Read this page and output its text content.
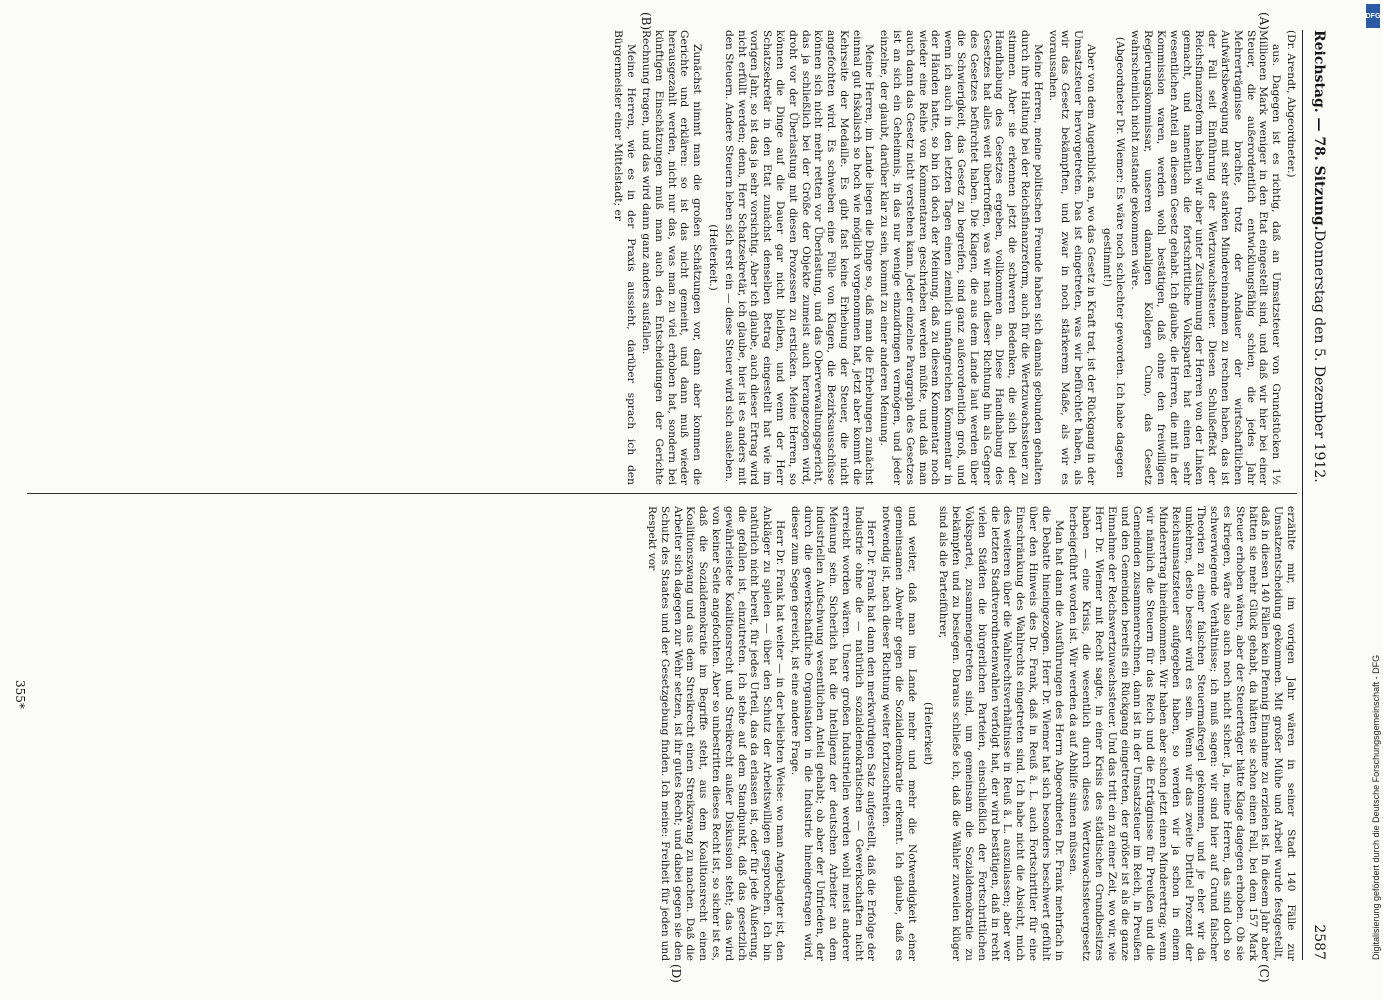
Reichstag. — 78. Sitzung.
Donnerstag den 5. Dezember 1912.
2587
(A)
(B)
(C)
(D)
(Dr. Arendt, Abgeordneter.)

aus. Dagegen ist es richtig, daß an Umsatzsteuer von Grundstücken 1½ Millionen Mark weniger in den Etat eingestellt sind, und daß wir hier bei einer Steuer, die außerordentlich entwicklungsfähig schien, die jedes Jahr Mehrerträgnisse brachte, trotz der Andauer der wirtschaftlichen Aufwärtsbewegung mit sehr starken Mindereinnahmen zu rechnen haben, das ist der Fall seit Einführung der Wertzuwachssteuer. Diesen Schlußeffekt der Reichsfinanzreform haben wir aber unter Zustimmung der Herren von der Linken gemacht, und namentlich die fortschrittliche Volkspartei hat einen sehr wesentlichen Anteil an diesem Gesetz gehabt. Ich glaube, die Herren, die mit in der Kommission waren, werden wohl bestätigen, daß ohne den freiwilligen Regierungskommissar, unseren damaligen Kollegen Cuno, das Gesetz wahrscheinlich nicht zustande gekommen wäre.

(Abgeordneter Dr. Wiemer: Es wäre noch schlechter geworden. Ich habe dagegen gestimmt!)

Aber von dem Augenblick an, wo das Gesetz in Kraft trat, ist der Rückgang in der Umsatzsteuer hervorgetreten. Das ist eingetreten, was wir befürchtet haben, als wir das Gesetz bekämpften, und zwar in noch stärkerem Maße, als wir es voraussahen.

Meine Herren, meine politischen Freunde haben sich damals gebunden gehalten durch ihre Haltung bei der Reichsfinanzreform, auch für die Wertzuwachssteuer zu stimmen. Aber sie erkennen jetzt die schweren Bedenken, die sich bei der Handhabung des Gesetzes ergeben, vollkommen an. Diese Handhabung des Gesetzes hat alles weit übertroffen, was wir nach dieser Richtung hin als Gegner des Gesetzes befürchtet haben. Die Klagen, die aus dem Lande laut werden über die Schwierigkeit, das Gesetz zu begreifen, sind ganz außerordentlich groß, und wenn ich auch in den letzten Tagen einen ziemlich umfangreichen Kommentar in der Händen hatte, so bin ich doch der Meinung, daß zu diesem Kommentar noch wieder eine Reihe von Kommentaren geschrieben werden müßte, und daß man auch dann das Gesetz nicht verstehen kann. Jeder einzelne Paragraph des Gesetzes ist an sich ein Geheimnis, in das nur wenige einzudringen vermögen, und jeder einzelne, der glaubt, darüber klar zu sein, kommt zu einer anderen Meinung.

Meine Herren, im Lande liegen die Dinge so, daß man die Erhebungen zunächst einmal gut fiskalisch so hoch wie möglich vorgenommen hat, jetzt aber kommt die Kehrseite der Medaille. Es gibt fast keine Erhebung der Steuer, die nicht angefochten wird. Es schweben eine Fülle von Klagen, die Bezirksausschüsse können sich nicht mehr retten vor Überlastung, und das Oberverwaltungsgericht, das ja schließlich bei der Größe der Objekte zumeist auch herangezogen wird, droht vor der Überlastung mit diesen Prozessen zu ersticken. Meine Herren, so können die Dinge auf die Dauer gar nicht bleiben, und wenn der Herr Schatzsekretär in den Etat zunächst denselben Betrag eingestellt hat wie im vorigen Jahr, so ist das ja sehr vorsichtig. Aber ich glaube, auch dieser Ertrag wird nicht erfüllt werden; denn, Herr Schatzsekretär, ich glaube, hier ist es anders mit den Steuern. Andere Steuern leben sich erst ein — diese Steuer wird sich ausleben.

(Heiterkeit.)

Zunächst nimmt man die großen Schätzungen vor, dann aber kommen die Gerichte und erklären: so ist das nicht gemeint, und dann muß wieder herausgezahlt werden, nicht nur das, was man zu viel erhoben hat, sondern bei künftigen Einschätzungen muß man auch den Entscheidungen der Gerichte Rechnung tragen, und das wird dann ganz anders ausfallen.

Meine Herren, wie es in der Praxis aussieht, darüber sprach ich den Bürgermeister einer Mittelstadt; er

erzählte mir, im vorigen Jahr wären in seiner Stadt 140 Fälle zur Umsatzentscheidung gekommen. Mit großer Mühe und Arbeit wurde festgestellt, daß in diesen 140 Fällen kein Pfennig Einnahme zu erzielen ist. In diesem Jahr aber hätten sie mehr Glück gehabt, da hätten sie schon einen Fall, bei dem 157 Mark Steuer erhoben wären, aber der Steuerträger hätte Klage dagegen erhoben. Ob sie es kriegen, wäre also auch noch nicht sicher. Ja, meine Herren, das sind doch so schwerwiegende Verhältnisse; ich muß sagen: wir sind hier auf Grund falscher Theorien zu einer falschen Steuermaßregel gekommen, und je eher wir da umkehren, desto besser wird es sein. Wenn wir das zweite Drittel Prozent der Reichsumsatzsteuer aufgegeben haben, so werden wir ja schon in einem Minderertrag hineinkommen. Wir haben aber schon jetzt einen Minderertrag; wenn wir nämlich die Steuern für das Reich und die Erträgnisse für Preußen und die Gemeinden zusammenrechnen, dann ist in der Umsatzsteuer im Reich, in Preußen und den Gemeinden bereits ein Rückgang eingetreten, der größer ist als die ganze Einnahme der Reichswertzuwachssteuer. Und das tritt ein zu einer Zeit, wo wir, wie Herr Dr. Wiemer mit Recht sagte, in einer Krisis des städtischen Grundbesitzes haben — eine Krisis, die wesentlich durch dieses Wertzuwachssteuergesetz herbeigeführt worden ist. Wir werden da auf Abhilfe sinnen müssen.

Man hat dann die Ausführungen des Herrn Abgeordneten Dr. Frank mehrfach in die Debatte hineingezogen. Herr Dr. Wiemer hat sich besonders beschwert gefühlt über den Hinweis des Dr. Frank, daß in Reuß ä. L. auch Fortschrittler für eine Einschränkung des Wahlrechts eingetreten sind. Ich habe nicht die Absicht, mich des weiteren über die Wahlrechtsverhältnisse in Reuß ä. L. auszulassen; aber wer die letzten Stadtverordnetenwahlen verfolgt hat, der wird bestätigen, daß in recht vielen Städten die bürgerlichen Parteien, einschließlich der Fortschrittlichen Volkspartei, zusammengetreten sind, um gemeinsam die Sozialdemokratie zu bekämpfen und zu besiegen. Daraus schließe ich, daß die Wähler zuweilen klüger sind als die Parteiführer,

(Heiterkeit)

und weiter, daß man im Lande mehr und mehr die Notwendigkeit einer gemeinsamen Abwehr gegen die Sozialdemokratie erkennt. Ich glaube, daß es notwendig ist, nach dieser Richtung weiter fortzuschreiten.

Herr Dr. Frank hat dann den merkwürdigen Satz aufgestellt, daß die Erfolge der Industrie ohne die — natürlich sozialdemokratischen — Gewerkschaften nicht erreicht worden wären. Unsere großen Industriellen werden wohl meist anderer Meinung sein. Sicherlich hat die Intelligenz der deutschen Arbeiter an dem industriellen Aufschwung wesentlichen Anteil gehabt; ob aber der Unfrieden, der durch die gewerkschaftliche Organisation in die Industrie hineingetragen wird, dieser zum Segen gereicht, ist eine andere Frage.

Herr Dr. Frank hat weiter — in der beliebten Weise: wo man Angeklagter ist, den Ankläger zu spielen — über den Schutz der Arbeitswilligen gesprochen. Ich bin natürlich nicht bereit, für jedes Urteil, das da erlassen ist, oder für jede Äußerung, die gefallen ist, einzutreten. Ich stehe auf dem Standpunkt, daß das gesetzlich gewährleistete Koalitionsrecht und Streikrecht außer Diskussion steht; das wird von keiner Seite angefochten. Aber so unbestritten dieses Recht ist, so sicher ist es, daß die Sozialdemokratie im Begriffe steht, aus dem Koalitionsrecht einen Koalitionszwang und aus dem Streikrecht einen Streikzwang zu machen. Daß die Arbeiter sich dagegen zur Wehr setzen, ist ihr gutes Recht; und dabei gegen sie den Schutz des Staates und der Gesetzgebung finden. Ich meine: Freiheit für jeden und Respekt vor

355*	Digitalisierung gefördert durch die Deutsche Forschungsgemeinschaft - DFG
DFG
